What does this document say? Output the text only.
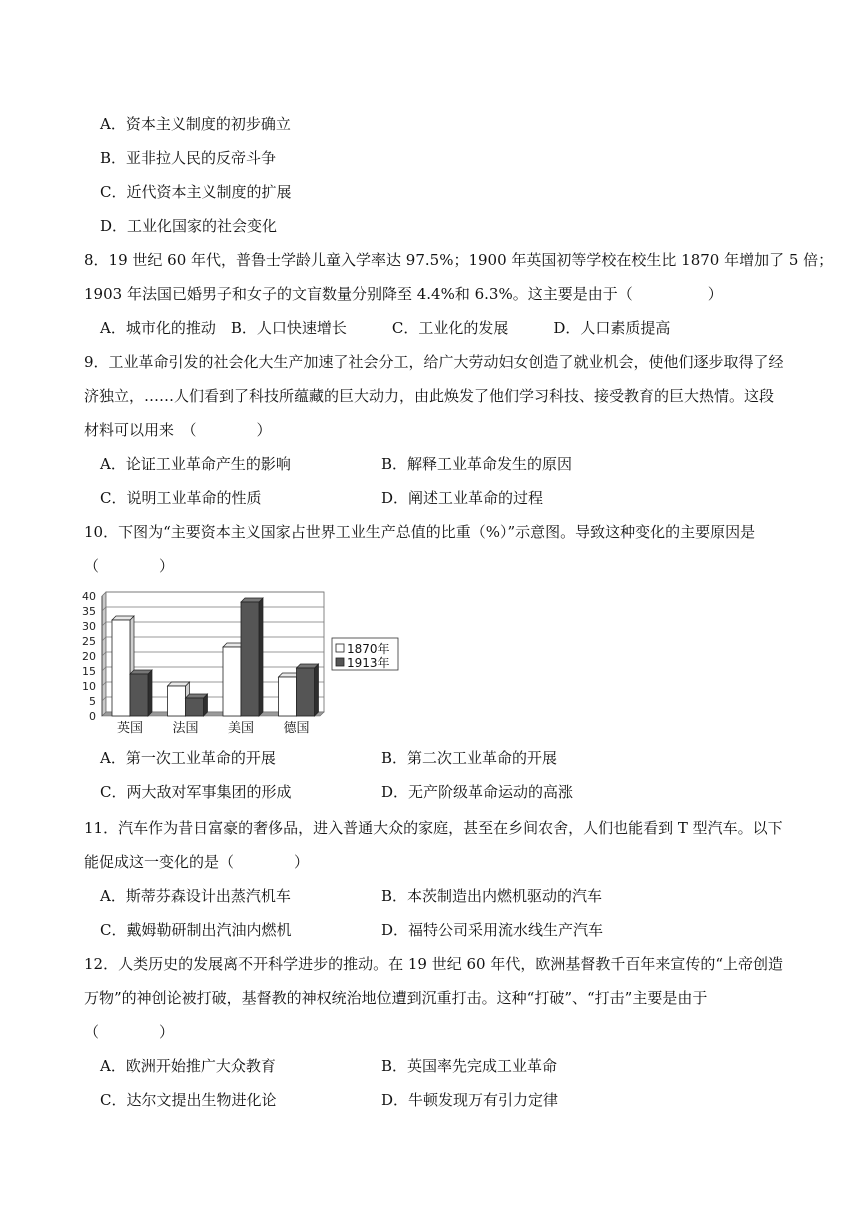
A．资本主义制度的初步确立
B．亚非拉人民的反帝斗争
C．近代资本主义制度的扩展
D．工业化国家的社会变化
8．19 世纪 60 年代，普鲁士学龄儿童入学率达 97.5%；1900 年英国初等学校在校生比 1870 年增加了 5 倍；
1903 年法国已婚男子和女子的文盲数量分别降至 4.4%和 6.3%。这主要是由于（　　　　　）
A．城市化的推动　B．人口快速增长　　　C．工业化的发展　　　D．人口素质提高
9．工业革命引发的社会化大生产加速了社会分工，给广大劳动妇女创造了就业机会，使他们逐步取得了经
济独立，……人们看到了科技所蕴藏的巨大动力，由此焕发了他们学习科技、接受教育的巨大热情。这段
材料可以用来　（　　　　）
A．论证工业革命产生的影响	B．解释工业革命发生的原因
C．说明工业革命的性质	D．阐述工业革命的过程
10．下图为“主要资本主义国家占世界工业生产总值的比重（%）”示意图。导致这种变化的主要原因是
（　　　　）
0
5
10
15
20
25
30
35
40
英国 法国 美国 德国
1870年
1913年
A．第一次工业革命的开展	B．第二次工业革命的开展
C．两大敌对军事集团的形成	D．无产阶级革命运动的高涨
11．汽车作为昔日富豪的奢侈品，进入普通大众的家庭，甚至在乡间农舍，人们也能看到 T 型汽车。以下
能促成这一变化的是（　　　　）
A．斯蒂芬森设计出蒸汽机车	B．本茨制造出内燃机驱动的汽车
C．戴姆勒研制出汽油内燃机	D．福特公司采用流水线生产汽车
12．人类历史的发展离不开科学进步的推动。在 19 世纪 60 年代，欧洲基督教千百年来宣传的“上帝创造
万物”的神创论被打破，基督教的神权统治地位遭到沉重打击。这种“打破”、“打击”主要是由于
（　　　　）
A．欧洲开始推广大众教育	B．英国率先完成工业革命
C．达尔文提出生物进化论	D．牛顿发现万有引力定律
